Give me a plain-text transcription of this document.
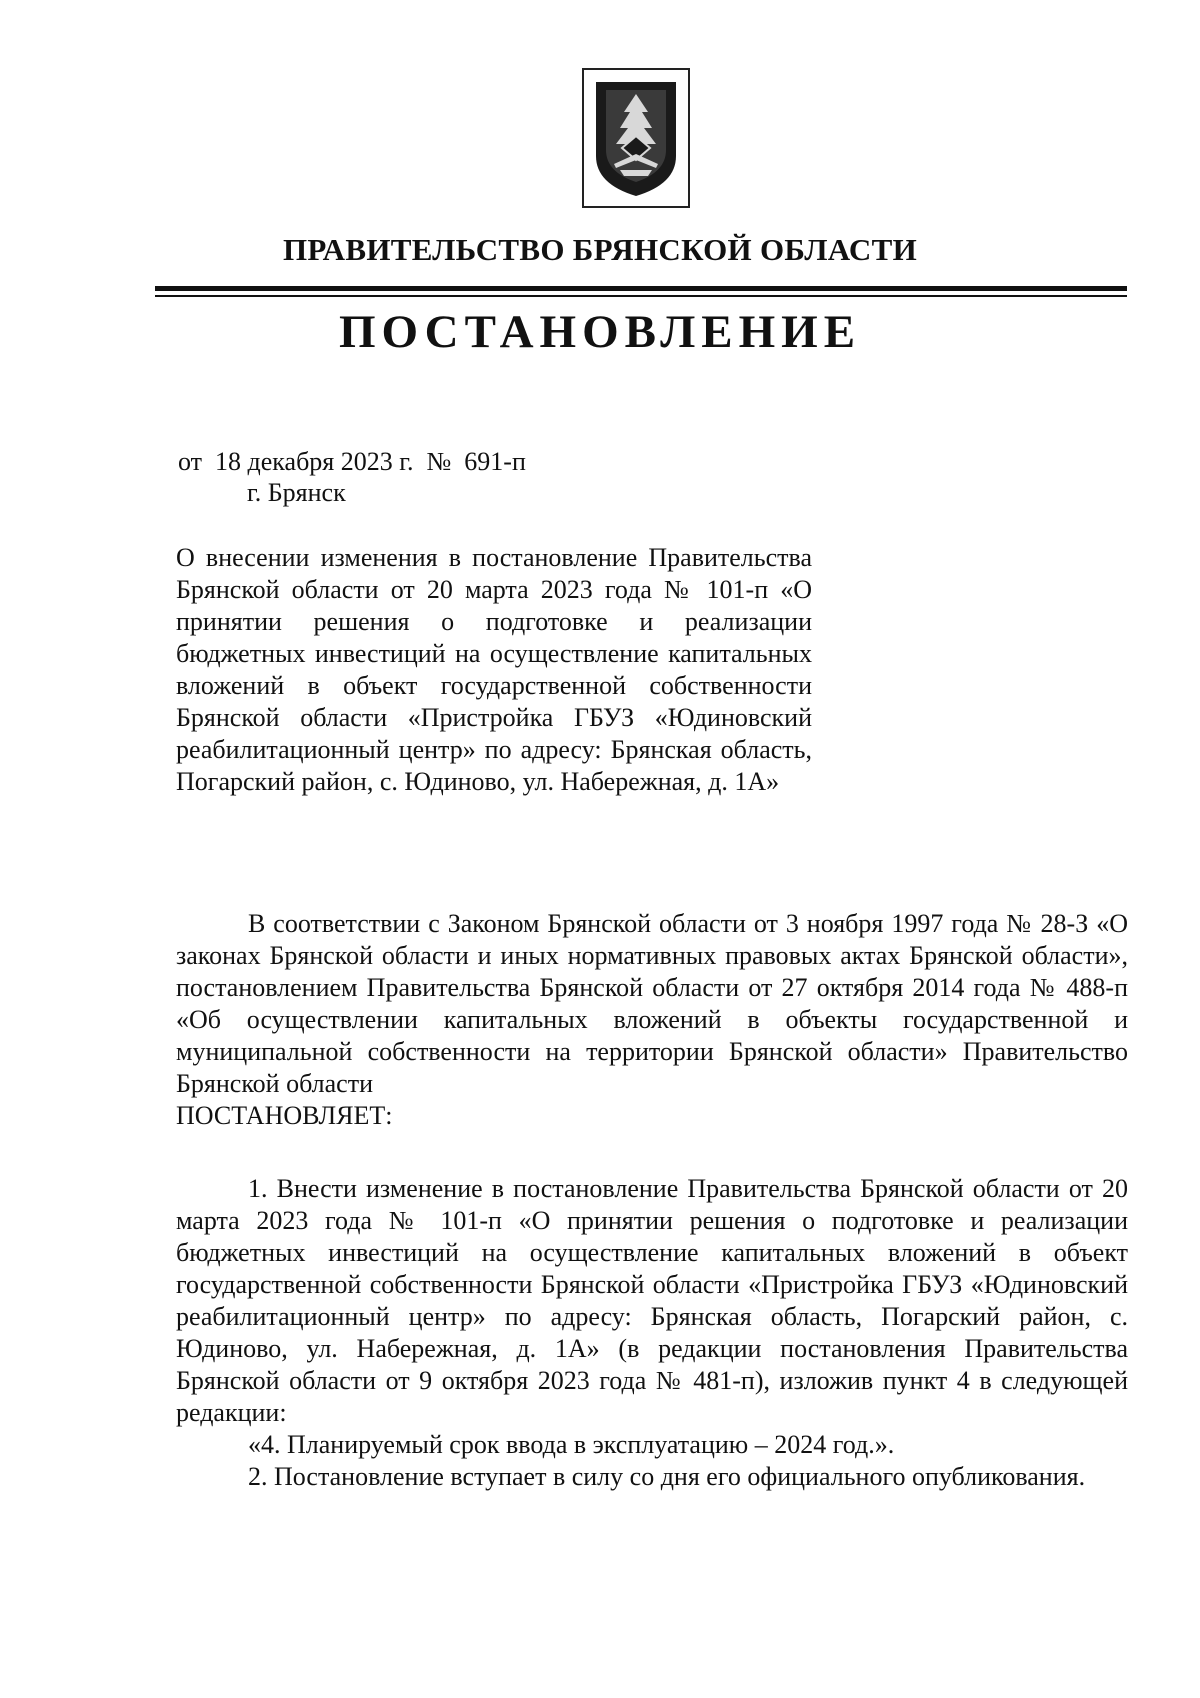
ПРАВИТЕЛЬСТВО БРЯНСКОЙ ОБЛАСТИ
ПОСТАНОВЛЕНИЕ
от  18 декабря 2023 г.  №  691-п
г. Брянск

О внесении изменения в постановление Правительства Брянской области от 20 марта 2023 года № 101-п «О принятии решения о подготовке и реализации бюджетных инвестиций на осуществление капитальных вложений в объект государственной собственности Брянской области «Пристройка ГБУЗ «Юдиновский реабилитационный центр» по адресу: Брянская область, Погарский район, с. Юдиново, ул. Набережная, д. 1А»

В соответствии с Законом Брянской области от 3 ноября 1997 года № 28-З «О законах Брянской области и иных нормативных правовых актах Брянской области», постановлением Правительства Брянской области от 27 октября 2014 года № 488-п «Об осуществлении капитальных вложений в объекты государственной и муниципальной собственности на территории Брянской области» Правительство Брянской области

ПОСТАНОВЛЯЕТ:

1. Внести изменение в постановление Правительства Брянской области от 20 марта 2023 года № 101-п «О принятии решения о подготовке и реализации бюджетных инвестиций на осуществление капитальных вложений в объект государственной собственности Брянской области «Пристройка ГБУЗ «Юдиновский реабилитационный центр» по адресу: Брянская область, Погарский район, с. Юдиново, ул. Набережная, д. 1А» (в редакции постановления Правительства Брянской области от 9 октября 2023 года № 481-п), изложив пункт 4 в следующей редакции:

«4. Планируемый срок ввода в эксплуатацию – 2024 год.».

2. Постановление вступает в силу со дня его официального опубликования.
